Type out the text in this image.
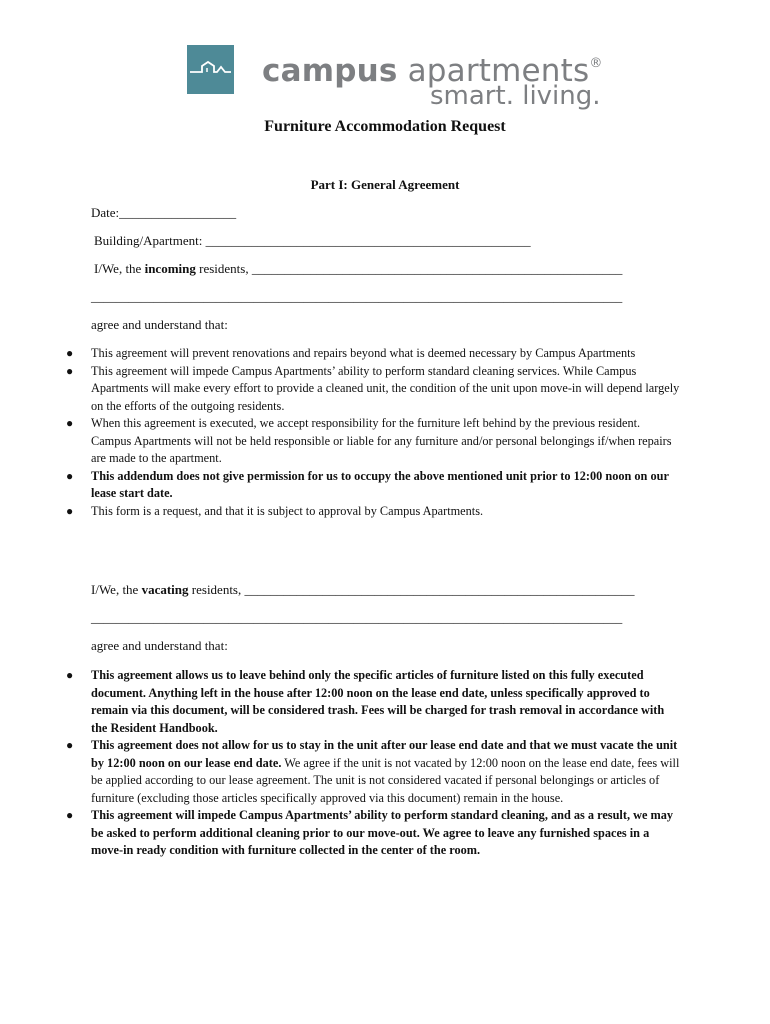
campus apartments®
smart. living.
Furniture Accommodation Request
Part I: General Agreement
Date:__________________
Building/Apartment: __________________________________________________
I/We, the incoming residents, _________________________________________________________
_____________________________________________________________________________________
agree and understand that:
● This agreement will prevent renovations and repairs beyond what is deemed necessary by Campus Apartments
● This agreement will impede Campus Apartments’ ability to perform standard cleaning services. While Campus Apartments will make every effort to provide a cleaned unit, the condition of the unit upon move-in will depend largely on the efforts of the outgoing residents.
● When this agreement is executed, we accept responsibility for the furniture left behind by the previous resident. Campus Apartments will not be held responsible or liable for any furniture and/or personal belongings if/when repairs are made to the apartment.
● This addendum does not give permission for us to occupy the above mentioned unit prior to 12:00 noon on our lease start date.
● This form is a request, and that it is subject to approval by Campus Apartments.
I/We, the vacating residents, ____________________________________________________________
_____________________________________________________________________________________
agree and understand that:
● This agreement allows us to leave behind only the specific articles of furniture listed on this fully executed document. Anything left in the house after 12:00 noon on the lease end date, unless specifically approved to remain via this document, will be considered trash. Fees will be charged for trash removal in accordance with the Resident Handbook.
● This agreement does not allow for us to stay in the unit after our lease end date and that we must vacate the unit by 12:00 noon on our lease end date. We agree if the unit is not vacated by 12:00 noon on the lease end date, fees will be applied according to our lease agreement. The unit is not considered vacated if personal belongings or articles of furniture (excluding those articles specifically approved via this document) remain in the house.
● This agreement will impede Campus Apartments’ ability to perform standard cleaning, and as a result, we may be asked to perform additional cleaning prior to our move-out. We agree to leave any furnished spaces in a move-in ready condition with furniture collected in the center of the room.
